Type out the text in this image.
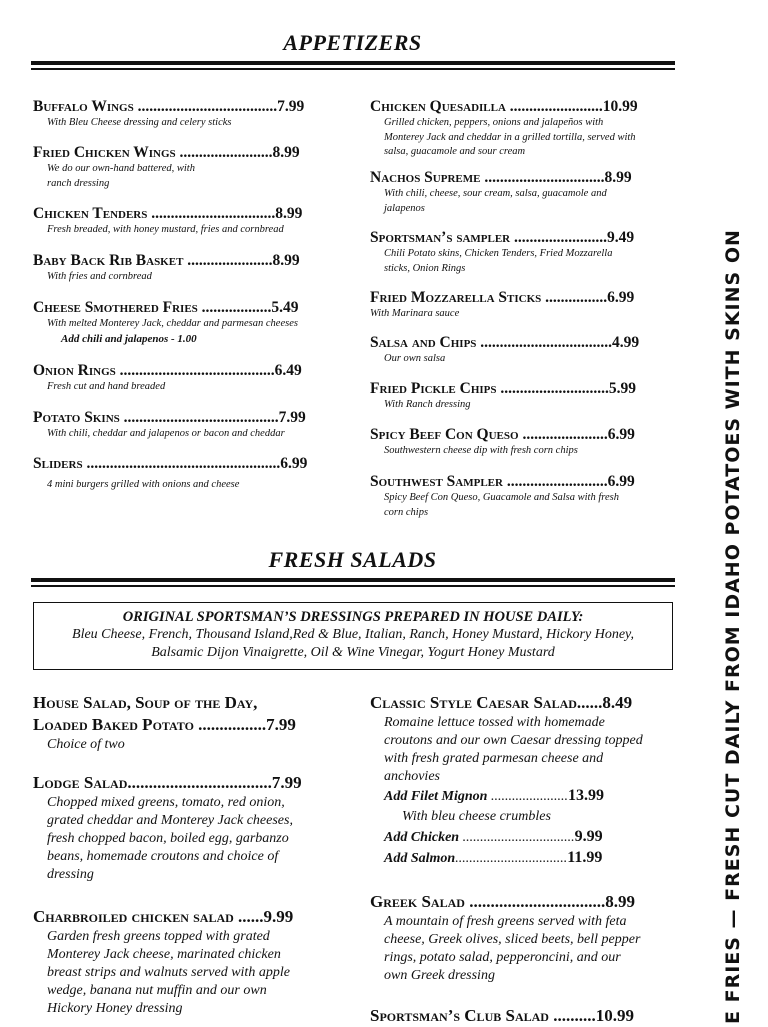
APPETIZERS
Buffalo Wings ....................................7.99
With Bleu Cheese dressing and celery sticks
Fried Chicken Wings ........................8.99
We do our own-hand battered, with
ranch dressing
Chicken Tenders ................................8.99
Fresh breaded, with honey mustard, fries and cornbread
Baby Back Rib Basket ......................8.99
With fries and cornbread
Cheese Smothered Fries ..................5.49
With melted Monterey Jack, cheddar and parmesan cheeses
Add chili and jalapenos - 1.00
Onion Rings ........................................6.49
Fresh cut and hand breaded
Potato Skins ........................................7.99
With chili, cheddar and jalapenos or bacon and cheddar
Sliders ..................................................6.99
4 mini burgers grilled with onions and cheese
Chicken Quesadilla ........................10.99
Grilled chicken, peppers, onions and jalapeños with
Monterey Jack and cheddar in a grilled tortilla, served with
salsa, guacamole and sour cream
Nachos Supreme ...............................8.99
With chili, cheese, sour cream, salsa, guacamole and
jalapenos
Sportsman’s sampler ........................9.49
Chili Potato skins, Chicken Tenders, Fried Mozzarella
sticks, Onion Rings
Fried Mozzarella Sticks ................6.99
With Marinara sauce
Salsa and Chips ..................................4.99
Our own salsa
Fried Pickle Chips ............................5.99
With Ranch dressing
Spicy Beef Con Queso ......................6.99
Southwestern cheese dip with fresh corn chips
Southwest Sampler ..........................6.99
Spicy Beef Con Queso, Guacamole and Salsa with fresh
corn chips
FRESH SALADS
ORIGINAL SPORTSMAN’S DRESSINGS PREPARED IN HOUSE DAILY:
Bleu Cheese, French, Thousand Island,Red & Blue, Italian, Ranch, Honey Mustard, Hickory Honey,
Balsamic Dijon Vinaigrette, Oil & Wine Vinegar, Yogurt Honey Mustard
House Salad, Soup of the Day,
Loaded Baked Potato ................7.99
Choice of two
Lodge Salad..................................7.99
Chopped mixed greens, tomato, red onion,
grated cheddar and Monterey Jack cheeses,
fresh chopped bacon, boiled egg, garbanzo
beans, homemade croutons and choice of
dressing
Charbroiled chicken salad ......9.99
Garden fresh greens topped with grated
Monterey Jack cheese, marinated chicken
breast strips and walnuts served with apple
wedge, banana nut muffin and our own
Hickory Honey dressing
Classic Style Caesar Salad......8.49
Romaine lettuce tossed with homemade
croutons and our own Caesar dressing topped
with fresh grated parmesan cheese and
anchovies
Add Filet Mignon ......................13.99
With bleu cheese crumbles
Add Chicken ................................9.99
Add Salmon................................11.99
Greek Salad ................................8.99
A mountain of fresh greens served with feta
cheese, Greek olives, sliced beets, bell pepper
rings, potato salad, pepperoncini, and our
own Greek dressing
Sportsman’s Club Salad ..........10.99	E FRIES — FRESH CUT DAILY FROM IDAHO POTATOES WITH SKINS ON
